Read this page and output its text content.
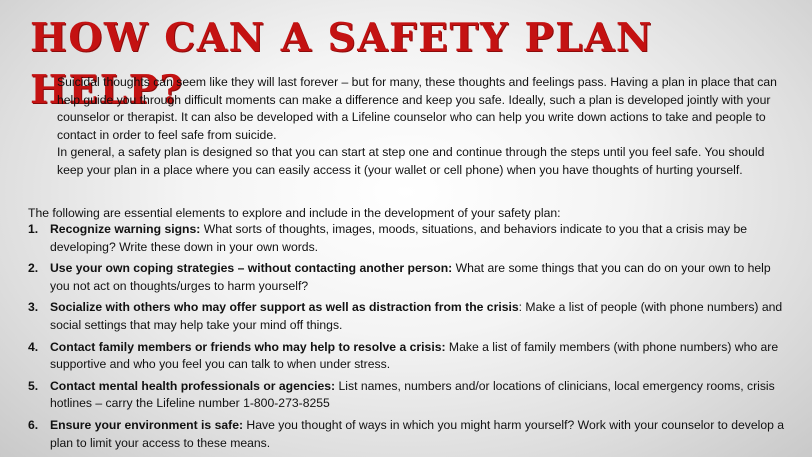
HOW CAN A SAFETY PLAN HELP?

Suicidal thoughts can seem like they will last forever – but for many, these thoughts and feelings pass. Having a plan in place that can help guide you through difficult moments can make a difference and keep you safe. Ideally, such a plan is developed jointly with your counselor or therapist. It can also be developed with a Lifeline counselor who can help you write down actions to take and people to contact in order to feel safe from suicide.

In general, a safety plan is designed so that you can start at step one and continue through the steps until you feel safe. You should keep your plan in a place where you can easily access it (your wallet or cell phone) when you have thoughts of hurting yourself.

The following are essential elements to explore and include in the development of your safety plan:

1. Recognize warning signs: What sorts of thoughts, images, moods, situations, and behaviors indicate to you that a crisis may be developing? Write these down in your own words.
2. Use your own coping strategies – without contacting another person: What are some things that you can do on your own to help you not act on thoughts/urges to harm yourself?
3. Socialize with others who may offer support as well as distraction from the crisis: Make a list of people (with phone numbers) and social settings that may help take your mind off things.
4. Contact family members or friends who may help to resolve a crisis: Make a list of family members (with phone numbers) who are supportive and who you feel you can talk to when under stress.
5. Contact mental health professionals or agencies: List names, numbers and/or locations of clinicians, local emergency rooms, crisis hotlines – carry the Lifeline number 1-800-273-8255
6. Ensure your environment is safe: Have you thought of ways in which you might harm yourself? Work with your counselor to develop a plan to limit your access to these means.
